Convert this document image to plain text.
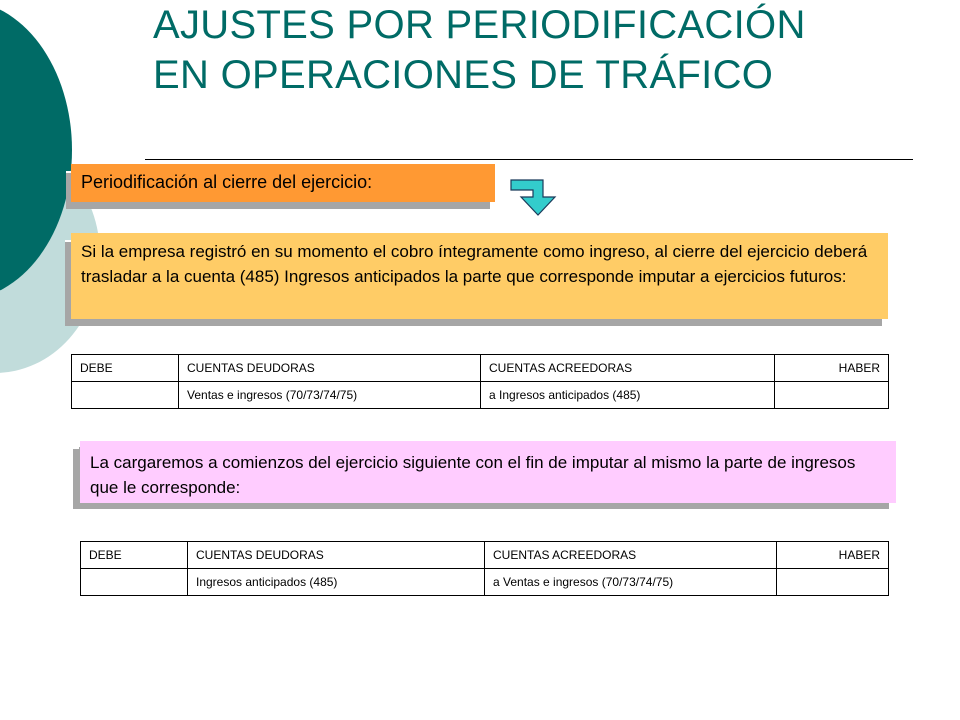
AJUSTES POR PERIODIFICACIÓN
EN OPERACIONES DE TRÁFICO
Periodificación al cierre del ejercicio:
Si la empresa registró en su momento el cobro íntegramente como ingreso, al cierre del ejercicio deberá trasladar a la cuenta (485) Ingresos anticipados la parte que corresponde imputar a ejercicios futuros:
DEBE	CUENTAS DEUDORAS	CUENTAS ACREEDORAS	HABER
	Ventas e ingresos (70/73/74/75)	a Ingresos anticipados (485)	
La cargaremos a comienzos del ejercicio siguiente con el fin de imputar al mismo la parte de ingresos que le corresponde:
DEBE	CUENTAS DEUDORAS	CUENTAS ACREEDORAS	HABER
	Ingresos anticipados (485)	a Ventas e ingresos (70/73/74/75)	
